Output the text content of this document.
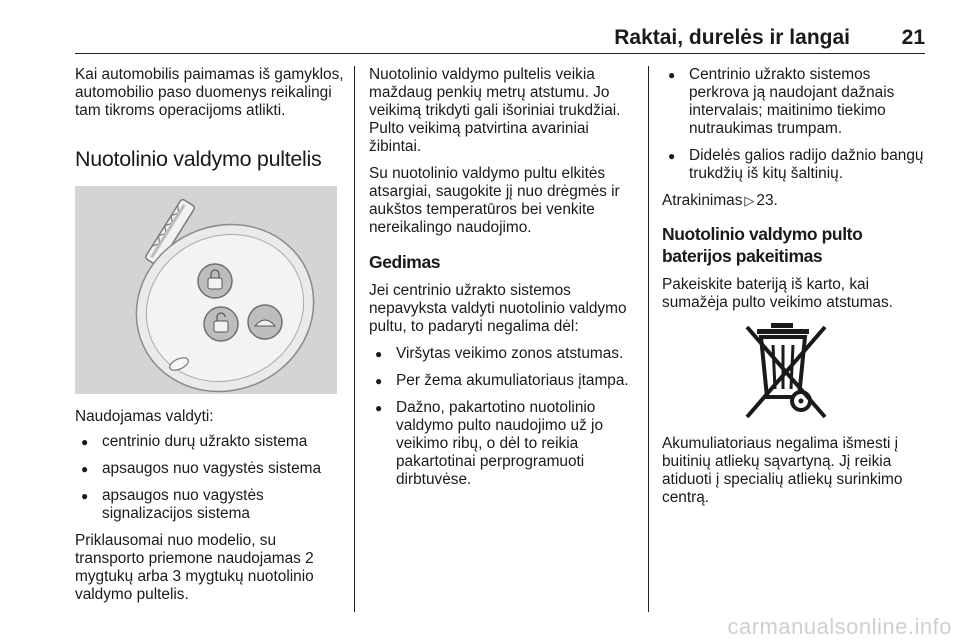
Raktai, durelės ir langai 21

Kai automobilis paimamas iš gamyklos, automobilio paso duomenys reikalingi tam tikroms operacijoms atlikti.

Nuotolinio valdymo pultelis

Naudojamas valdyti:

● centrinio durų užrakto sistema
● apsaugos nuo vagystės sistema
● apsaugos nuo vagystės signalizacijos sistema

Priklausomai nuo modelio, su transporto priemone naudojamas 2 mygtukų arba 3 mygtukų nuotolinio valdymo pultelis.

Nuotolinio valdymo pultelis veikia maždaug penkių metrų atstumu. Jo veikimą trikdyti gali išoriniai trukdžiai. Pulto veikimą patvirtina avariniai žibintai.

Su nuotolinio valdymo pultu elkitės atsargiai, saugokite jį nuo drėgmės ir aukštos temperatūros bei venkite nereikalingo naudojimo.

Gedimas

Jei centrinio užrakto sistemos nepavyksta valdyti nuotolinio valdymo pultu, to padaryti negalima dėl:

● Viršytas veikimo zonos atstumas.
● Per žema akumuliatoriaus įtampa.
● Dažno, pakartotino nuotolinio valdymo pulto naudojimo už jo veikimo ribų, o dėl to reikia pakartotinai perprogramuoti dirbtuvėse.
● Centrinio užrakto sistemos perkrova ją naudojant dažnais intervalais; maitinimo tiekimo nutraukimas trumpam.
● Didelės galios radijo dažnio bangų trukdžių iš kitų šaltinių.

Atrakinimas ▷ 23.

Nuotolinio valdymo pulto baterijos pakeitimas

Pakeiskite bateriją iš karto, kai sumažėja pulto veikimo atstumas.

Akumuliatoriaus negalima išmesti į buitinių atliekų sąvartyną. Jį reikia atiduoti į specialių atliekų surinkimo centrą.

carmanualsonline.info
